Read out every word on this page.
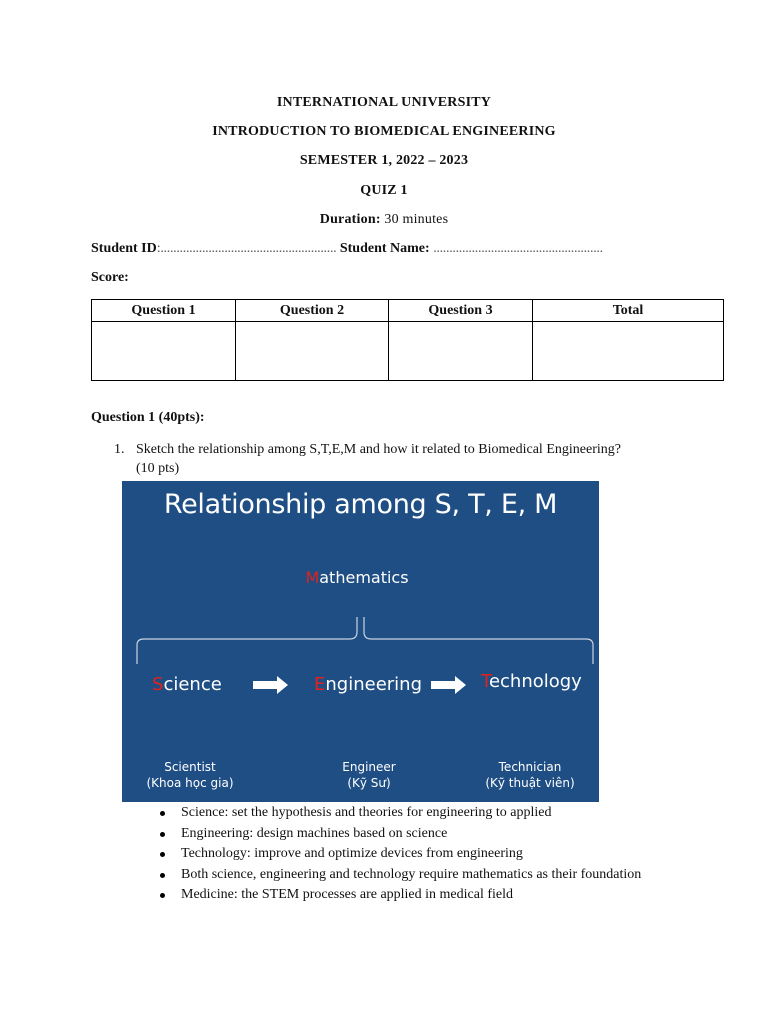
INTERNATIONAL UNIVERSITY
INTRODUCTION TO BIOMEDICAL ENGINEERING
SEMESTER 1, 2022 – 2023
QUIZ 1
Duration: 30 minutes
Student ID:....................................................... Student Name: .....................................................
Score:
Question 1	Question 2	Question 3	Total

Question 1 (40pts):
1. Sketch the relationship among S,T,E,M and how it related to Biomedical Engineering?
(10 pts)
Relationship among S, T, E, M
Mathematics
Science	Engineering	Technology
Scientist
(Khoa học gia)
Engineer
(Kỹ Sư)
Technician
(Kỹ thuật viên)
Science: set the hypothesis and theories for engineering to applied
Engineering: design machines based on science
Technology: improve and optimize devices from engineering
Both science, engineering and technology require mathematics as their foundation
Medicine: the STEM processes are applied in medical field
